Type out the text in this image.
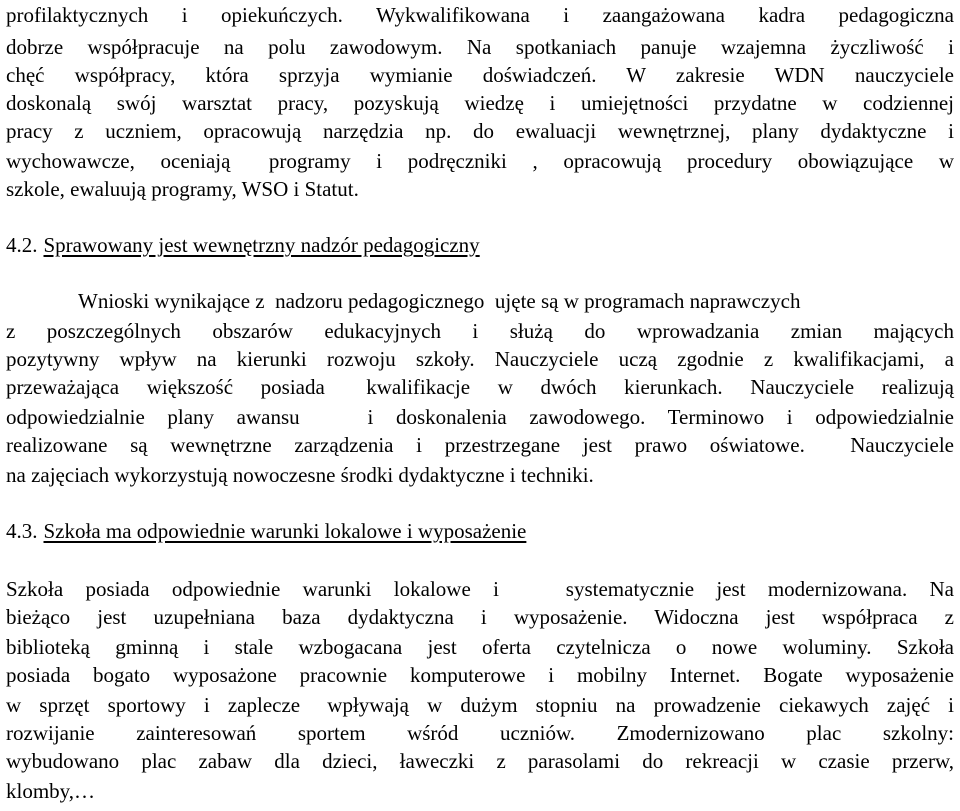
profilaktycznych  i  opiekuńczych.  Wykwalifikowana  i  zaangażowana  kadra  pedagogiczna

dobrze  współpracuje  na  polu  zawodowym.  Na  spotkaniach  panuje  wzajemna  życzliwość  i

chęć  współpracy,  która  sprzyja  wymianie  doświadczeń.  W  zakresie  WDN  nauczyciele

doskonalą  swój  warsztat  pracy,  pozyskują  wiedzę  i  umiejętności  przydatne  w  codziennej

pracy  z  uczniem,  opracowują  narzędzia  np.  do  ewaluacji  wewnętrznej,  plany  dydaktyczne  i

wychowawcze,  oceniają   programy  i  podręczniki  ,  opracowują  procedury  obowiązujące  w

szkole, ewaluują programy, WSO i Statut.

4.2. Sprawowany jest wewnętrzny nadzór pedagogiczny

Wnioski wynikające z  nadzoru pedagogicznego  ujęte są w programach naprawczych

z  poszczególnych  obszarów  edukacyjnych  i  służą  do  wprowadzania  zmian  mających

pozytywny wpływ na kierunki rozwoju szkoły. Nauczyciele uczą zgodnie z kwalifikacjami, a

przeważająca  większość  posiada   kwalifikacje  w  dwóch  kierunkach.  Nauczyciele  realizują

odpowiedzialnie plany awansu   i doskonalenia zawodowego. Terminowo i odpowiedzialnie

realizowane są wewnętrzne zarządzenia i przestrzegane jest prawo oświatowe.  Nauczyciele

na zajęciach wykorzystują nowoczesne środki dydaktyczne i techniki.

4.3. Szkoła ma odpowiednie warunki lokalowe i wyposażenie

Szkoła posiada odpowiednie warunki lokalowe i   systematycznie jest modernizowana. Na

bieżąco  jest  uzupełniana  baza  dydaktyczna  i  wyposażenie.  Widoczna  jest  współpraca  z

biblioteką  gminną  i  stale  wzbogacana  jest  oferta  czytelnicza  o  nowe  woluminy.  Szkoła

posiada bogato wyposażone pracownie komputerowe i mobilny Internet. Bogate wyposażenie

w  sprzęt  sportowy  i  zaplecze   wpływają  w  dużym  stopniu  na  prowadzenie  ciekawych  zajęć  i

rozwijanie   zainteresowań   sportem   wśród   uczniów.   Zmodernizowano   plac   szkolny:

wybudowano  plac  zabaw  dla  dzieci,  ławeczki  z  parasolami  do  rekreacji  w  czasie  przerw,

klomby,…
